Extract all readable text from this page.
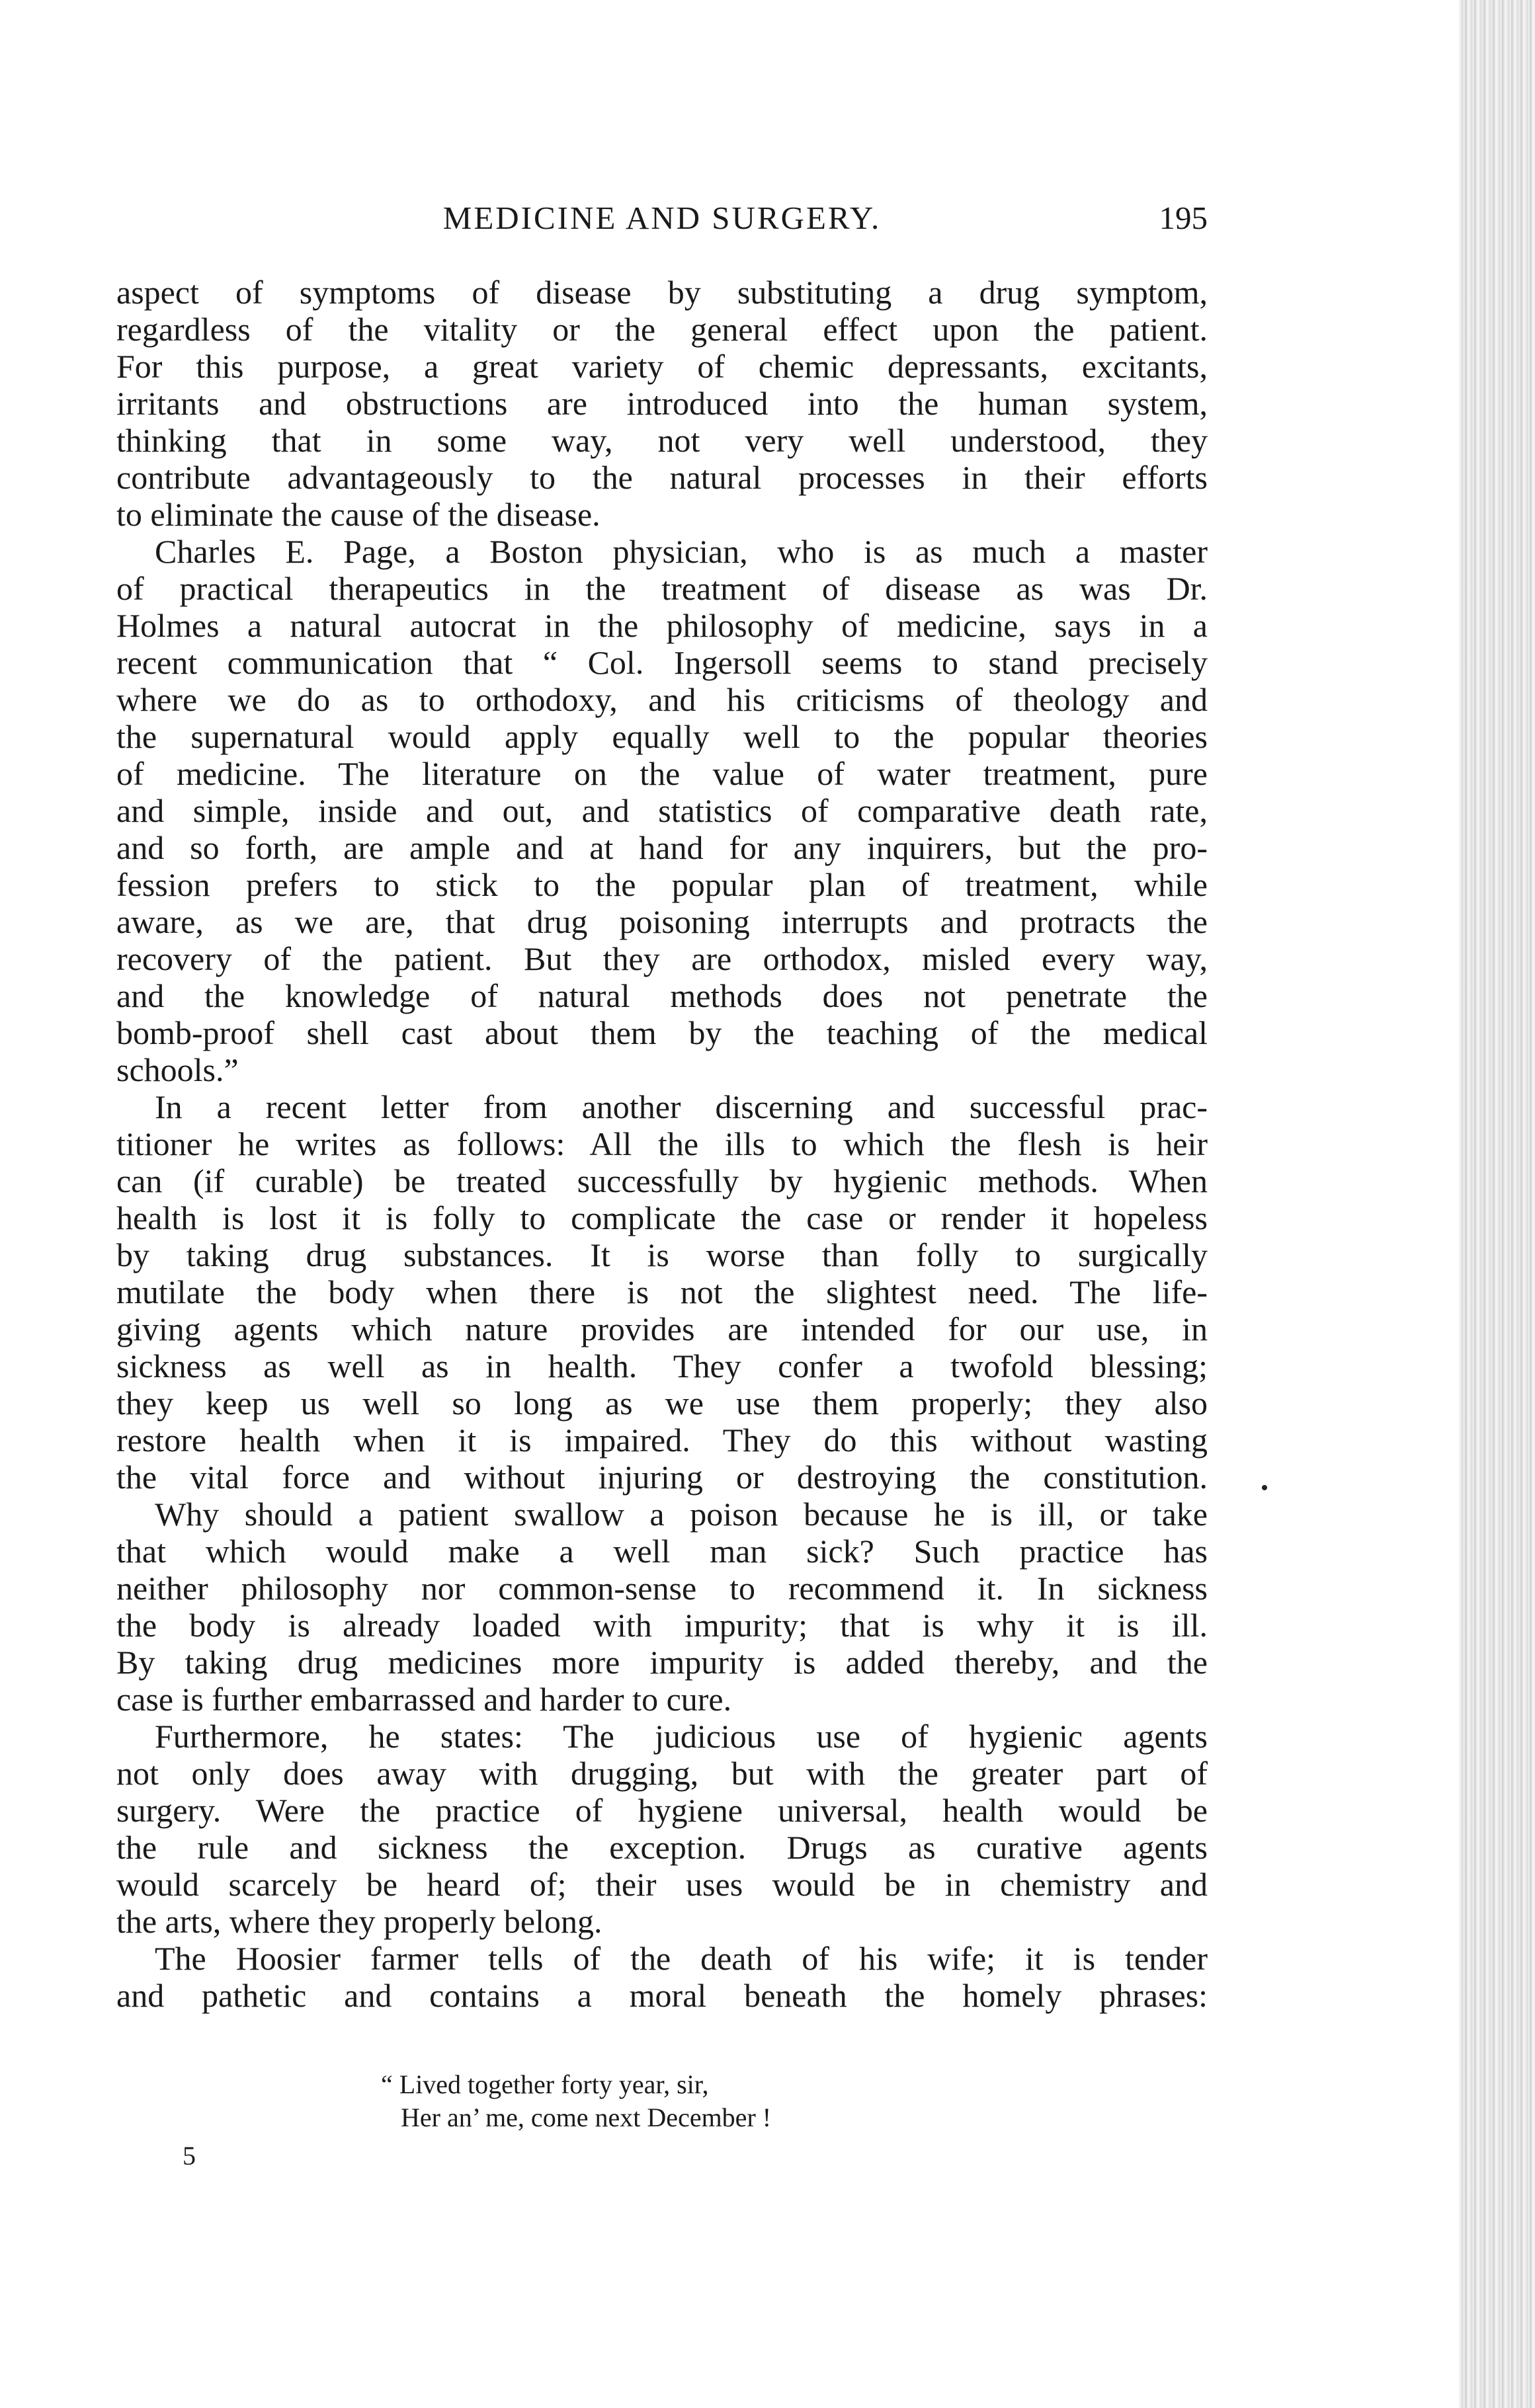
MEDICINE AND SURGERY.	195
aspect of symptoms of disease by substituting a drug symptom,
regardless of the vitality or the general effect upon the patient.
For this purpose, a great variety of chemic depressants, excitants,
irritants and obstructions are introduced into the human system,
thinking that in some way, not very well understood, they
contribute advantageously to the natural processes in their efforts
to eliminate the cause of the disease.
Charles E. Page, a Boston physician, who is as much a master
of practical therapeutics in the treatment of disease as was Dr.
Holmes a natural autocrat in the philosophy of medicine, says in a
recent communication that “ Col. Ingersoll seems to stand precisely
where we do as to orthodoxy, and his criticisms of theology and
the supernatural would apply equally well to the popular theories
of medicine. The literature on the value of water treatment, pure
and simple, inside and out, and statistics of comparative death rate,
and so forth, are ample and at hand for any inquirers, but the pro-
fession prefers to stick to the popular plan of treatment, while
aware, as we are, that drug poisoning interrupts and protracts the
recovery of the patient. But they are orthodox, misled every way,
and the knowledge of natural methods does not penetrate the
bomb-proof shell cast about them by the teaching of the medical
schools.”
In a recent letter from another discerning and successful prac-
titioner he writes as follows: All the ills to which the flesh is heir
can (if curable) be treated successfully by hygienic methods. When
health is lost it is folly to complicate the case or render it hopeless
by taking drug substances. It is worse than folly to surgically
mutilate the body when there is not the slightest need. The life-
giving agents which nature provides are intended for our use, in
sickness as well as in health. They confer a twofold blessing;
they keep us well so long as we use them properly; they also
restore health when it is impaired. They do this without wasting
the vital force and without injuring or destroying the constitution.
Why should a patient swallow a poison because he is ill, or take
that which would make a well man sick? Such practice has
neither philosophy nor common-sense to recommend it. In sickness
the body is already loaded with impurity; that is why it is ill.
By taking drug medicines more impurity is added thereby, and the
case is further embarrassed and harder to cure.
Furthermore, he states: The judicious use of hygienic agents
not only does away with drugging, but with the greater part of
surgery. Were the practice of hygiene universal, health would be
the rule and sickness the exception. Drugs as curative agents
would scarcely be heard of; their uses would be in chemistry and
the arts, where they properly belong.
The Hoosier farmer tells of the death of his wife; it is tender
and pathetic and contains a moral beneath the homely phrases:
“ Lived together forty year, sir,
Her an’ me, come next December !
5
